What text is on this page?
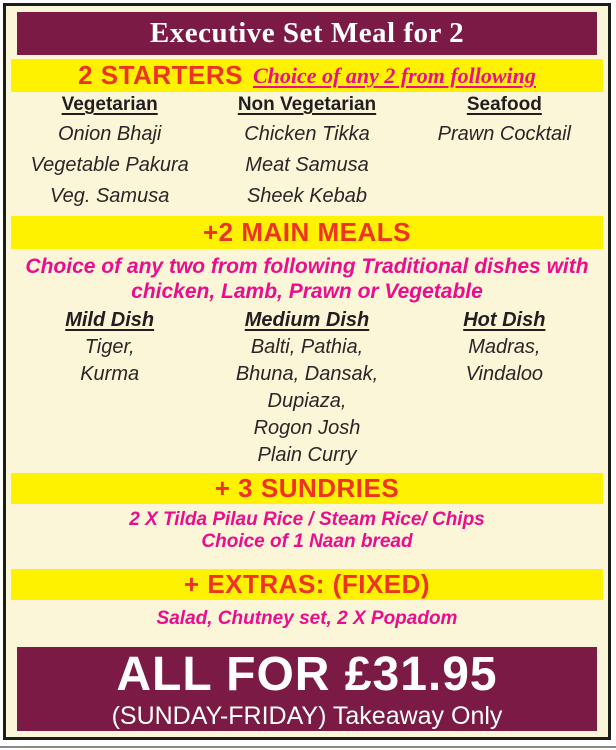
Executive Set Meal for 2
2 STARTERS Choice of any 2 from following
Vegetarian
Onion Bhaji
Vegetable Pakura
Veg. Samusa
Non Vegetarian
Chicken Tikka
Meat Samusa
Sheek Kebab
Seafood
Prawn Cocktail
+2 MAIN MEALS
Choice of any two from following Traditional dishes with
chicken, Lamb, Prawn or Vegetable
Mild Dish
Tiger,
Kurma
Medium Dish
Balti, Pathia,
Bhuna, Dansak,
Dupiaza,
Rogon Josh
Plain Curry
Hot Dish
Madras,
Vindaloo
+ 3 SUNDRIES
2 X Tilda Pilau Rice / Steam Rice/ Chips
Choice of 1 Naan bread
+ EXTRAS: (FIXED)
Salad, Chutney set, 2 X Popadom
ALL FOR £31.95
(SUNDAY-FRIDAY) Takeaway Only
